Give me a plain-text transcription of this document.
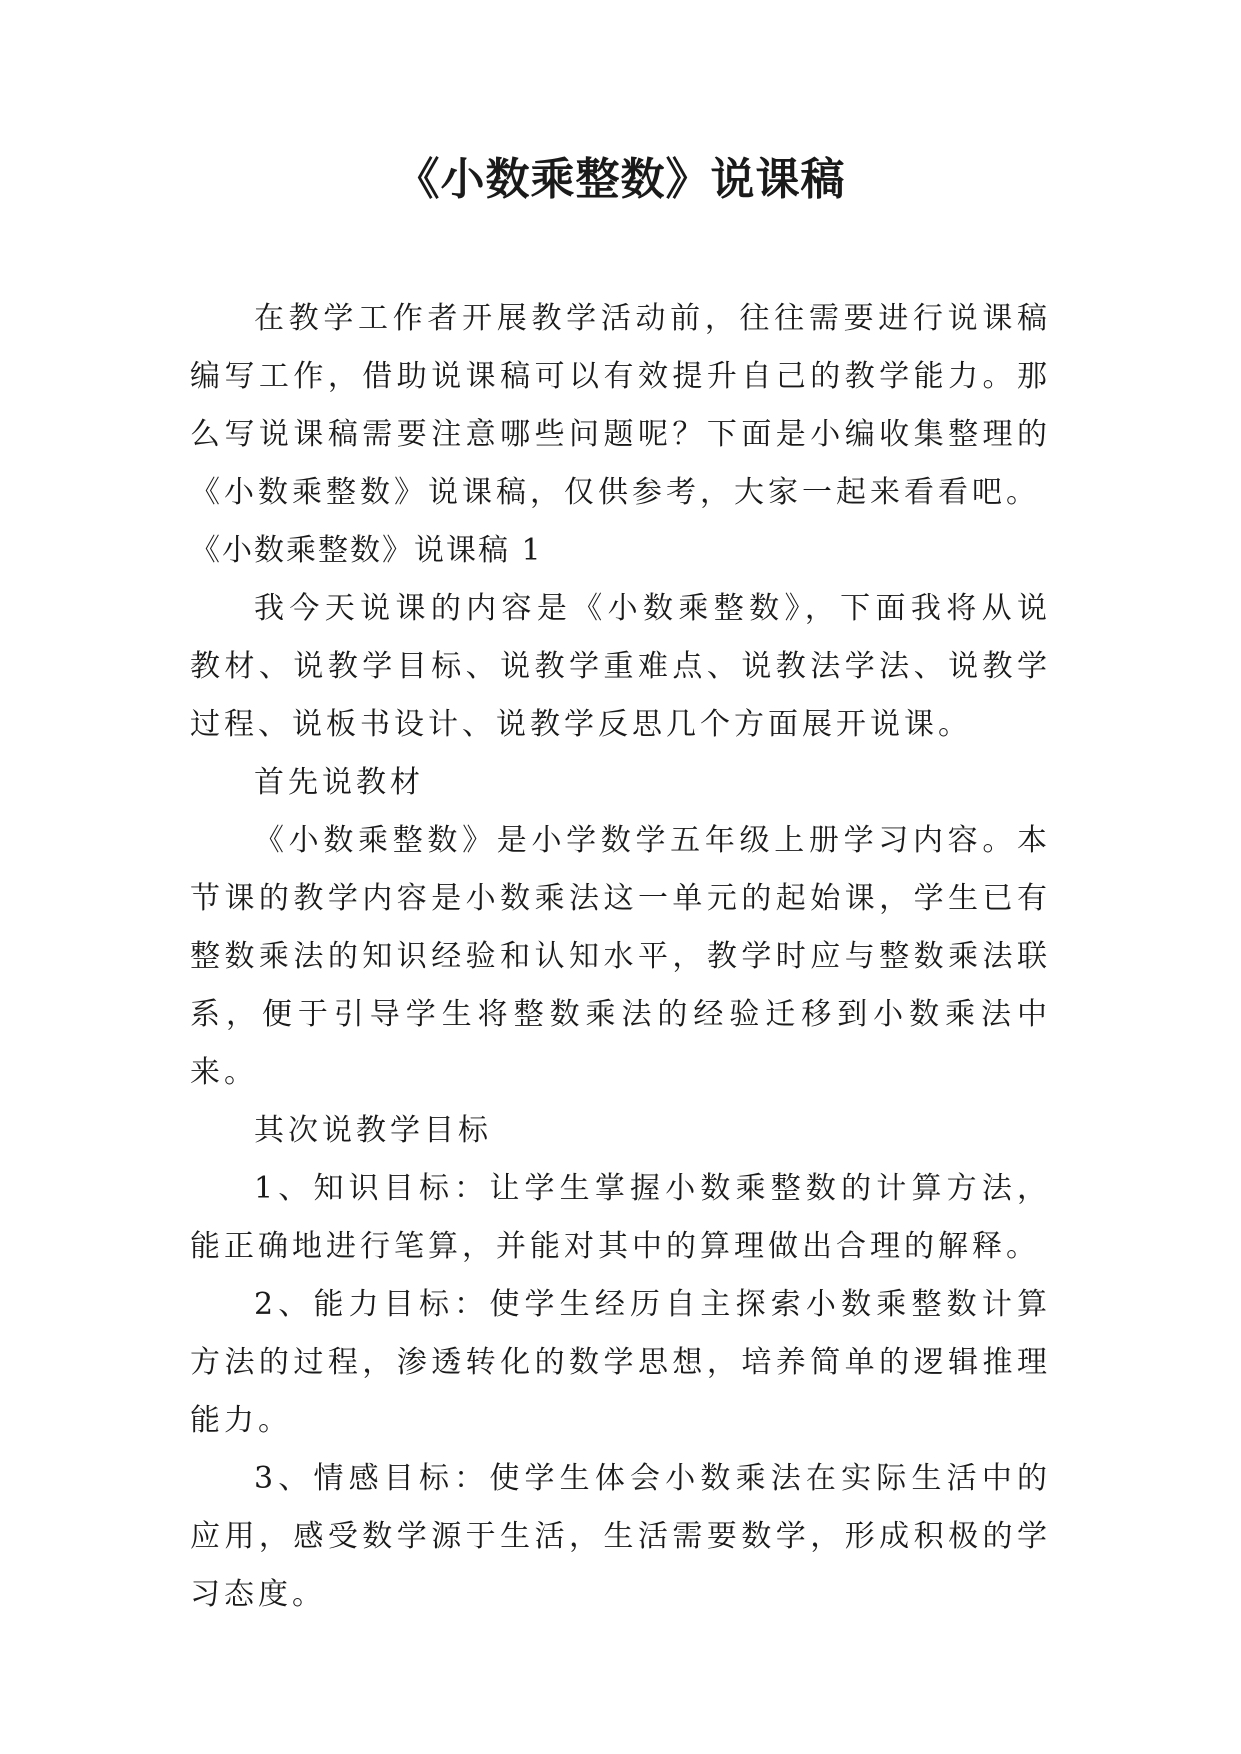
《小数乘整数》说课稿

在教学工作者开展教学活动前，往往需要进行说课稿编写工作，借助说课稿可以有效提升自己的教学能力。那么写说课稿需要注意哪些问题呢？下面是小编收集整理的《小数乘整数》说课稿，仅供参考，大家一起来看看吧。

《小数乘整数》说课稿 1

我今天说课的内容是《小数乘整数》，下面我将从说教材、说教学目标、说教学重难点、说教法学法、说教学过程、说板书设计、说教学反思几个方面展开说课。

首先说教材

《小数乘整数》是小学数学五年级上册学习内容。本节课的教学内容是小数乘法这一单元的起始课，学生已有整数乘法的知识经验和认知水平，教学时应与整数乘法联系，便于引导学生将整数乘法的经验迁移到小数乘法中来。

其次说教学目标

1、知识目标：让学生掌握小数乘整数的计算方法，能正确地进行笔算，并能对其中的算理做出合理的解释。

2、能力目标：使学生经历自主探索小数乘整数计算方法的过程，渗透转化的数学思想，培养简单的逻辑推理能力。

3、情感目标：使学生体会小数乘法在实际生活中的应用，感受数学源于生活，生活需要数学，形成积极的学习态度。
